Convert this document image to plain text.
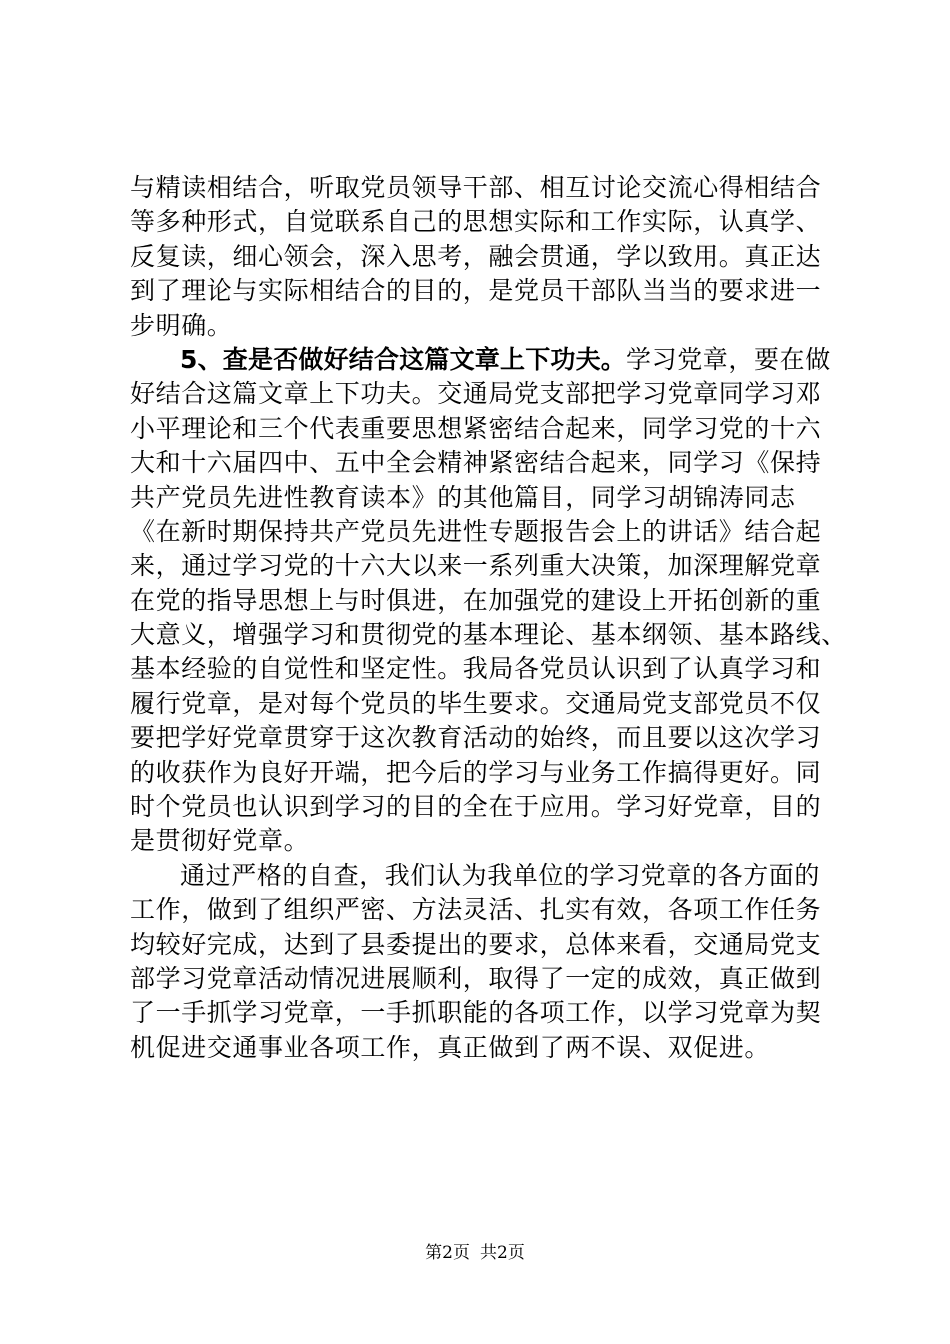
与精读相结合，听取党员领导干部、相互讨论交流心得相结合
等多种形式，自觉联系自己的思想实际和工作实际，认真学、
反复读，细心领会，深入思考，融会贯通，学以致用。真正达
到了理论与实际相结合的目的，是党员干部队当当的要求进一
步明确。
5、查是否做好结合这篇文章上下功夫。学习党章，要在做
好结合这篇文章上下功夫。交通局党支部把学习党章同学习邓
小平理论和三个代表重要思想紧密结合起来，同学习党的十六
大和十六届四中、五中全会精神紧密结合起来，同学习《保持
共产党员先进性教育读本》的其他篇目，同学习胡锦涛同志
《在新时期保持共产党员先进性专题报告会上的讲话》结合起
来，通过学习党的十六大以来一系列重大决策，加深理解党章
在党的指导思想上与时俱进，在加强党的建设上开拓创新的重
大意义，增强学习和贯彻党的基本理论、基本纲领、基本路线、
基本经验的自觉性和坚定性。我局各党员认识到了认真学习和
履行党章，是对每个党员的毕生要求。交通局党支部党员不仅
要把学好党章贯穿于这次教育活动的始终，而且要以这次学习
的收获作为良好开端，把今后的学习与业务工作搞得更好。同
时个党员也认识到学习的目的全在于应用。学习好党章，目的
是贯彻好党章。
通过严格的自查，我们认为我单位的学习党章的各方面的
工作，做到了组织严密、方法灵活、扎实有效，各项工作任务
均较好完成，达到了县委提出的要求，总体来看，交通局党支
部学习党章活动情况进展顺利，取得了一定的成效，真正做到
了一手抓学习党章，一手抓职能的各项工作，以学习党章为契
机促进交通事业各项工作，真正做到了两不误、双促进。
第2页 共2页
